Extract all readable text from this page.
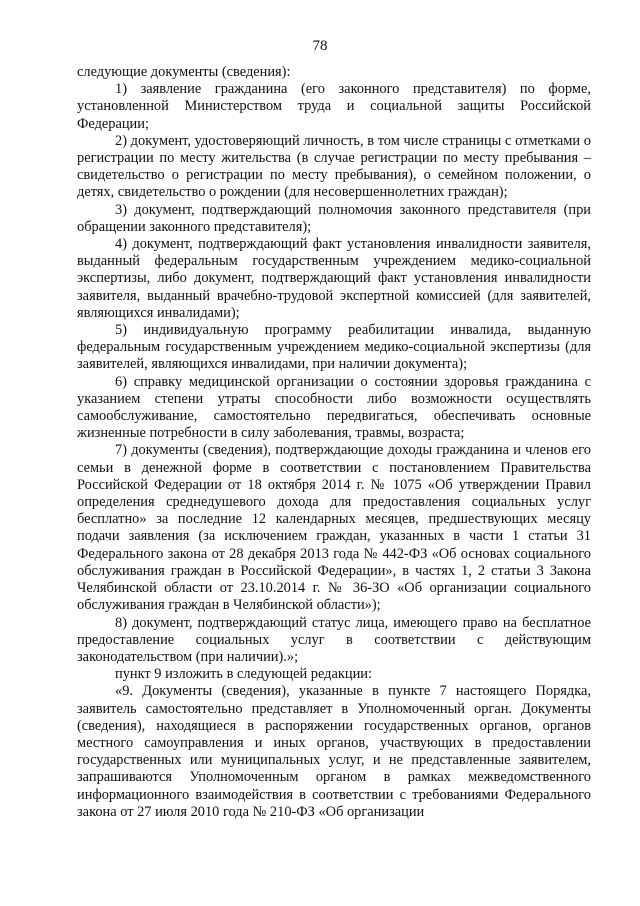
78

следующие документы (сведения):

1) заявление гражданина (его законного представителя) по форме, установленной Министерством труда и социальной защиты Российской Федерации;

2) документ, удостоверяющий личность, в том числе страницы с отметками о регистрации по месту жительства (в случае регистрации по месту пребывания – свидетельство о регистрации по месту пребывания), о семейном положении, о детях, свидетельство о рождении (для несовершеннолетних граждан);

3) документ, подтверждающий полномочия законного представителя (при обращении законного представителя);

4) документ, подтверждающий факт установления инвалидности заявителя, выданный федеральным государственным учреждением медико-социальной экспертизы, либо документ, подтверждающий факт установления инвалидности заявителя, выданный врачебно-трудовой экспертной комиссией (для заявителей, являющихся инвалидами);

5) индивидуальную программу реабилитации инвалида, выданную федеральным государственным учреждением медико-социальной экспертизы (для заявителей, являющихся инвалидами, при наличии документа);

6) справку медицинской организации о состоянии здоровья гражданина с указанием степени утраты способности либо возможности осуществлять самообслуживание, самостоятельно передвигаться, обеспечивать основные жизненные потребности в силу заболевания, травмы, возраста;

7) документы (сведения), подтверждающие доходы гражданина и членов его семьи в денежной форме в соответствии с постановлением Правительства Российской Федерации от 18 октября 2014 г. № 1075 «Об утверждении Правил определения среднедушевого дохода для предоставления социальных услуг бесплатно» за последние 12 календарных месяцев, предшествующих месяцу подачи заявления (за исключением граждан, указанных в части 1 статьи 31 Федерального закона от 28 декабря 2013 года № 442-ФЗ «Об основах социального обслуживания граждан в Российской Федерации», в частях 1, 2 статьи 3 Закона Челябинской области от 23.10.2014 г. № 36-ЗО «Об организации социального обслуживания граждан в Челябинской области»);

8) документ, подтверждающий статус лица, имеющего право на бесплатное предоставление социальных услуг в соответствии с действующим законодательством (при наличии).»;

пункт 9 изложить в следующей редакции:

«9. Документы (сведения), указанные в пункте 7 настоящего Порядка, заявитель самостоятельно представляет в Уполномоченный орган. Документы (сведения), находящиеся в распоряжении государственных органов, органов местного самоуправления и иных органов, участвующих в предоставлении государственных или муниципальных услуг, и не представленные заявителем, запрашиваются Уполномоченным органом в рамках межведомственного информационного взаимодействия в соответствии с требованиями Федерального закона от 27 июля 2010 года № 210-ФЗ «Об организации
